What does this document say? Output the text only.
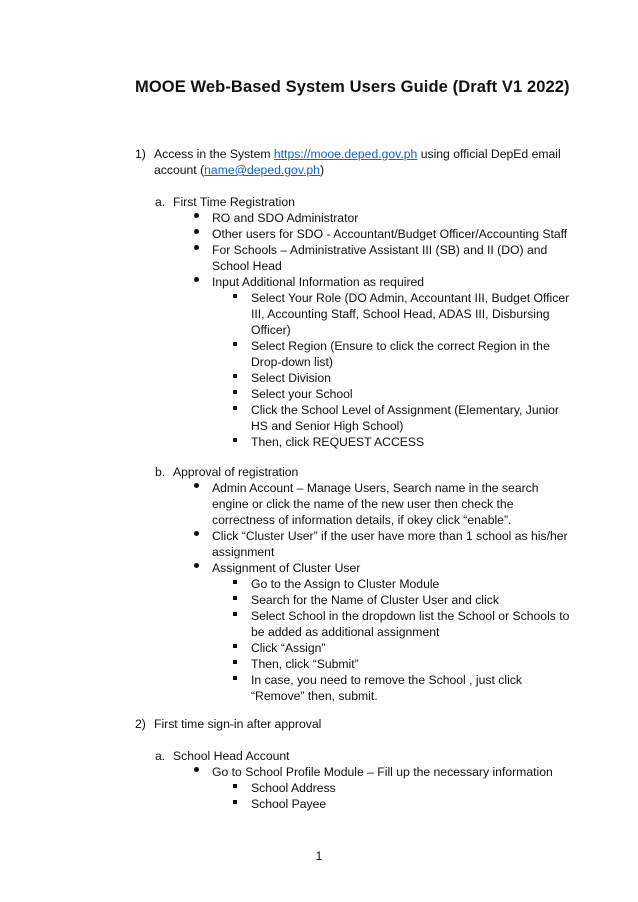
MOOE Web-Based System Users Guide (Draft V1 2022)
1) Access in the System https://mooe.deped.gov.ph using official DepEd email
account (name@deped.gov.ph)
a. First Time Registration
RO and SDO Administrator
Other users for SDO - Accountant/Budget Officer/Accounting Staff
For Schools – Administrative Assistant III (SB) and II (DO) and
School Head
Input Additional Information as required
Select Your Role (DO Admin, Accountant III, Budget Officer
III, Accounting Staff, School Head, ADAS III, Disbursing
Officer)
Select Region (Ensure to click the correct Region in the
Drop-down list)
Select Division
Select your School
Click the School Level of Assignment (Elementary, Junior
HS and Senior High School)
Then, click REQUEST ACCESS
b. Approval of registration
Admin Account – Manage Users, Search name in the search
engine or click the name of the new user then check the
correctness of information details, if okey click “enable”.
Click “Cluster User” if the user have more than 1 school as his/her
assignment
Assignment of Cluster User
Go to the Assign to Cluster Module
Search for the Name of Cluster User and click
Select School in the dropdown list the School or Schools to
be added as additional assignment
Click “Assign”
Then, click “Submit”
In case, you need to remove the School , just click
“Remove” then, submit.
2) First time sign-in after approval
a. School Head Account
Go to School Profile Module – Fill up the necessary information
School Address
School Payee
1
